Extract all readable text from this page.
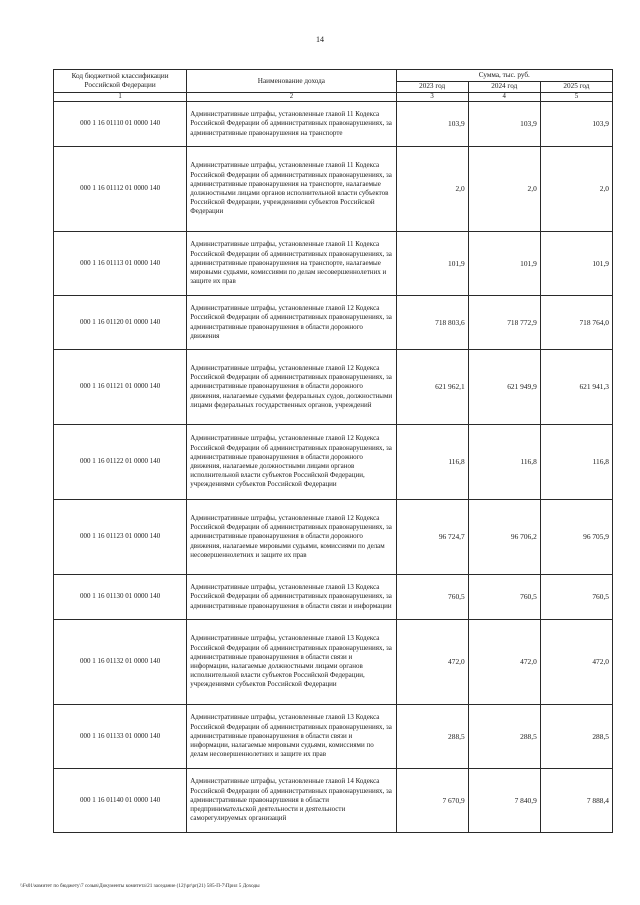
14
Код бюджетной классификации Российской Федерации	Наименование дохода	Сумма, тыс. руб.		
		2023 год	2024 год	2025 год
1	2	3	4	5
000 1 16 01110 01 0000 140	Административные штрафы, установленные главой 11 Кодекса Российской Федерации об административных правонарушениях, за административные правонарушения на транспорте	103,9	103,9	103,9
000 1 16 01112 01 0000 140	Административные штрафы, установленные главой 11 Кодекса Российской Федерации об административных правонарушениях, за административные правонарушения на транспорте, налагаемые должностными лицами органов исполнительной власти субъектов Российской Федерации, учреждениями субъектов Российской Федерации	2,0	2,0	2,0
000 1 16 01113 01 0000 140	Административные штрафы, установленные главой 11 Кодекса Российской Федерации об административных правонарушениях, за административные правонарушения на транспорте, налагаемые мировыми судьями, комиссиями по делам несовершеннолетних и защите их прав	101,9	101,9	101,9
000 1 16 01120 01 0000 140	Административные штрафы, установленные главой 12 Кодекса Российской Федерации об административных правонарушениях, за административные правонарушения в области дорожного движения	718 803,6	718 772,9	718 764,0
000 1 16 01121 01 0000 140	Административные штрафы, установленные главой 12 Кодекса Российской Федерации об административных правонарушениях, за административные правонарушения в области дорожного движения, налагаемые судьями федеральных судов, должностными лицами федеральных государственных органов, учреждений	621 962,1	621 949,9	621 941,3
000 1 16 01122 01 0000 140	Административные штрафы, установленные главой 12 Кодекса Российской Федерации об административных правонарушениях, за административные правонарушения в области дорожного движения, налагаемые должностными лицами органов исполнительной власти субъектов Российской Федерации, учреждениями субъектов Российской Федерации	116,8	116,8	116,8
000 1 16 01123 01 0000 140	Административные штрафы, установленные главой 12 Кодекса Российской Федерации об административных правонарушениях, за административные правонарушения в области дорожного движения, налагаемые мировыми судьями, комиссиями по делам несовершеннолетних и защите их прав	96 724,7	96 706,2	96 705,9
000 1 16 01130 01 0000 140	Административные штрафы, установленные главой 13 Кодекса Российской Федерации об административных правонарушениях, за административные правонарушения в области связи и информации	760,5	760,5	760,5
000 1 16 01132 01 0000 140	Административные штрафы, установленные главой 13 Кодекса Российской Федерации об административных правонарушениях, за административные правонарушения в области связи и информации, налагаемые должностными лицами органов исполнительной власти субъектов Российской Федерации, учреждениями субъектов Российской Федерации	472,0	472,0	472,0
000 1 16 01133 01 0000 140	Административные штрафы, установленные главой 13 Кодекса Российской Федерации об административных правонарушениях, за административные правонарушения в области связи и информации, налагаемые мировыми судьями, комиссиями по делам несовершеннолетних и защите их прав	288,5	288,5	288,5
000 1 16 01140 01 0000 140	Административные штрафы, установленные главой 14 Кодекса Российской Федерации об административных правонарушениях, за административные правонарушения в области предпринимательской деятельности и деятельности саморегулируемых организаций	7 670,9	7 840,9	7 888,4
\\Fs01\комитет по бюджету\7 созыв\Документы комитета\21 заседание (12)\pr\pr(21) 585-П-7\Прил 5 Доходы
